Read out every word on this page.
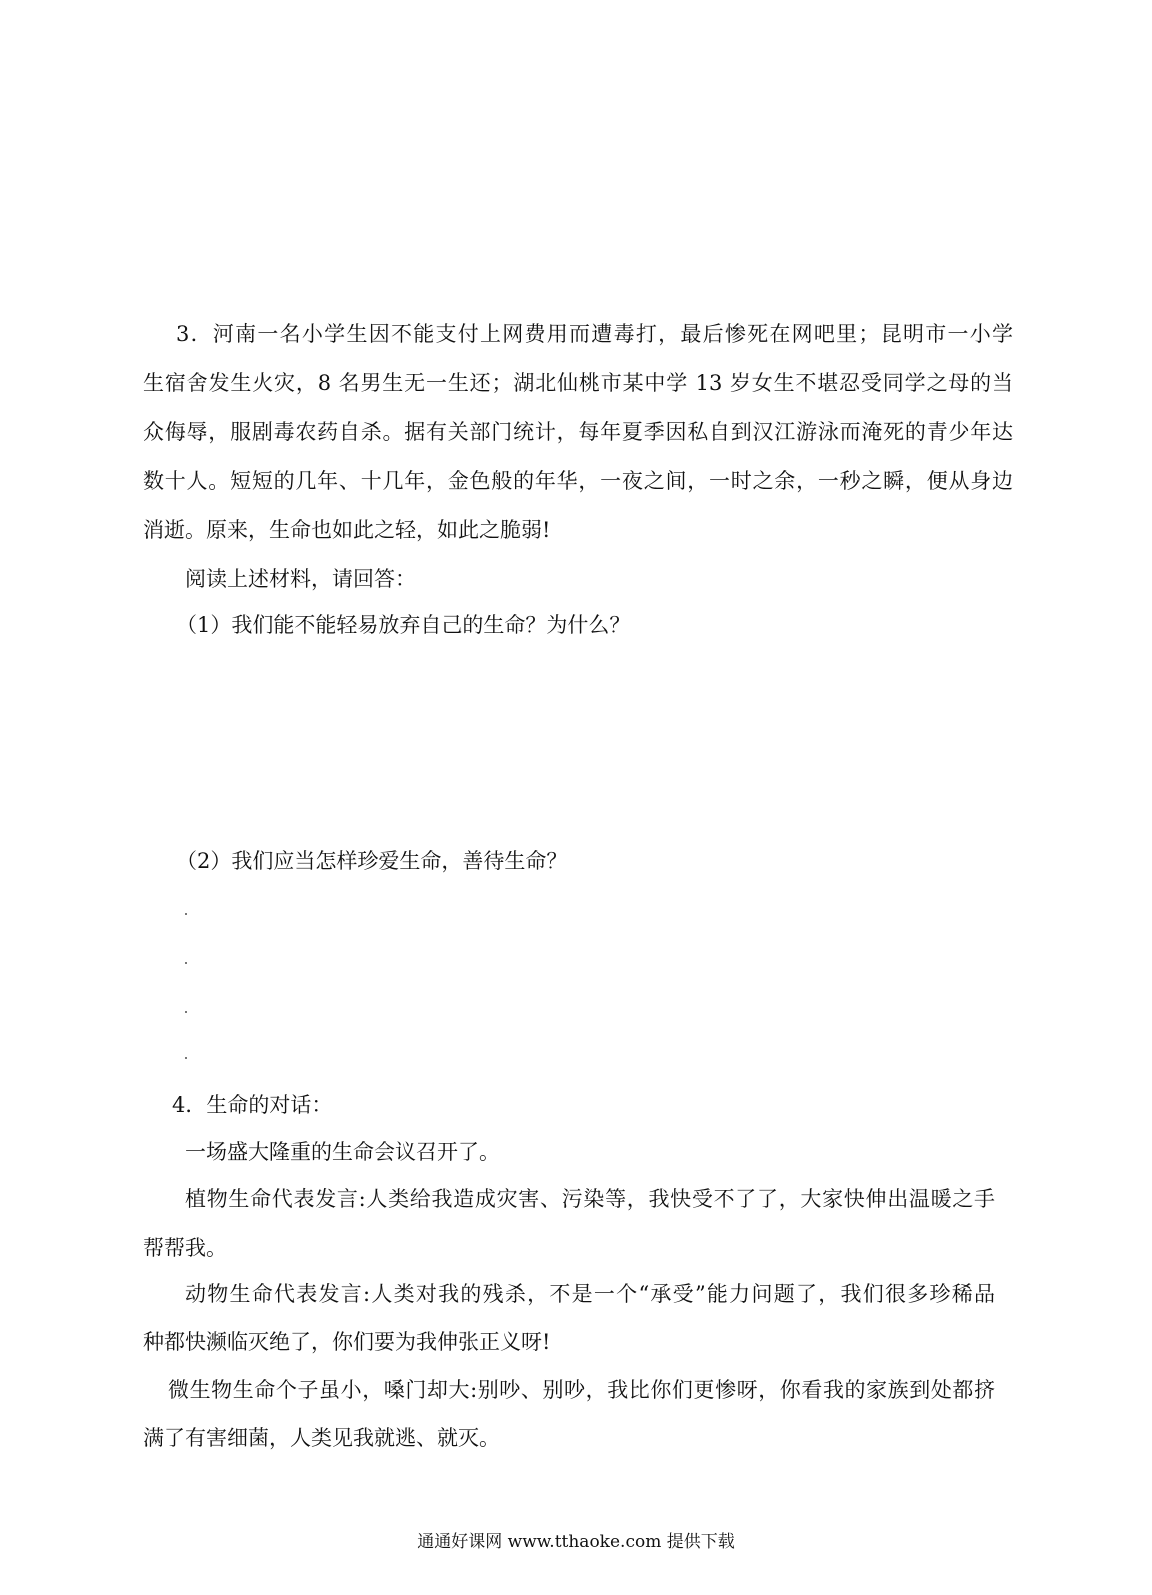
3．河南一名小学生因不能支付上网费用而遭毒打，最后惨死在网吧里；昆明市一小学
生宿舍发生火灾，8 名男生无一生还；湖北仙桃市某中学 13 岁女生不堪忍受同学之母的当
众侮辱，服剧毒农药自杀。据有关部门统计，每年夏季因私自到汉江游泳而淹死的青少年达
数十人。短短的几年、十几年，金色般的年华，一夜之间，一时之余，一秒之瞬，便从身边
消逝。原来，生命也如此之轻，如此之脆弱!
阅读上述材料，请回答：
（1）我们能不能轻易放弃自己的生命？为什么？
（2）我们应当怎样珍爱生命，善待生命？
4．生命的对话：
一场盛大隆重的生命会议召开了。
植物生命代表发言:人类给我造成灾害、污染等，我快受不了了，大家快伸出温暖之手
帮帮我。
动物生命代表发言:人类对我的残杀，不是一个“承受”能力问题了，我们很多珍稀品
种都快濒临灭绝了，你们要为我伸张正义呀!
微生物生命个子虽小，嗓门却大:别吵、别吵，我比你们更惨呀，你看我的家族到处都挤
满了有害细菌，人类见我就逃、就灭。
通通好课网 www.tthaoke.com 提供下载
